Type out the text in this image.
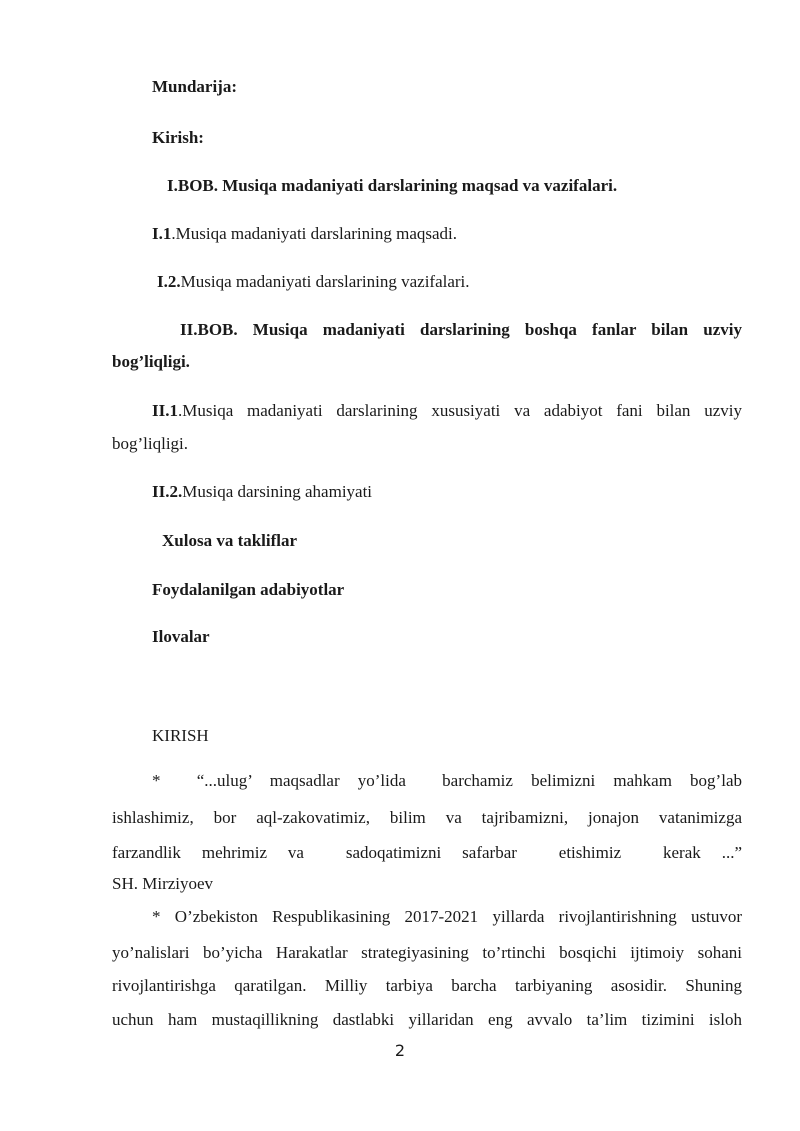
Mundarija:
Kirish:
I.BOB. Musiqa madaniyati darslarining maqsad va vazifalari.
I.1.Musiqa madaniyati darslarining maqsadi.
I.2.Musiqa madaniyati darslarining vazifalari.
II.BOB. Musiqa madaniyati darslarining boshqa fanlar bilan uzviy
bog’liqligi.
II.1.Musiqa madaniyati darslarining xususiyati va adabiyot fani bilan uzviy
bog’liqligi.
II.2.Musiqa darsining ahamiyati
Xulosa va takliflar
Foydalanilgan adabiyotlar
Ilovalar
KIRISH
*    “...ulug’  maqsadlar  yo’lida    barchamiz  belimizni  mahkam  bog’lab
ishlashimiz, bor aql-zakovatimiz, bilim va tajribamizni, jonajon vatanimizga
farzandlik  mehrimiz  va    sadoqatimizni  safarbar    etishimiz    kerak  ...”
SH. Mirziyoev
* O’zbekiston Respublikasining 2017-2021 yillarda rivojlantirishning ustuvor
yo’nalislari bo’yicha Harakatlar strategiyasining to’rtinchi bosqichi ijtimoiy sohani
rivojlantirishga qaratilgan. Milliy tarbiya barcha tarbiyaning asosidir. Shuning
uchun ham mustaqillikning dastlabki yillaridan eng avvalo ta’lim tizimini isloh
2
